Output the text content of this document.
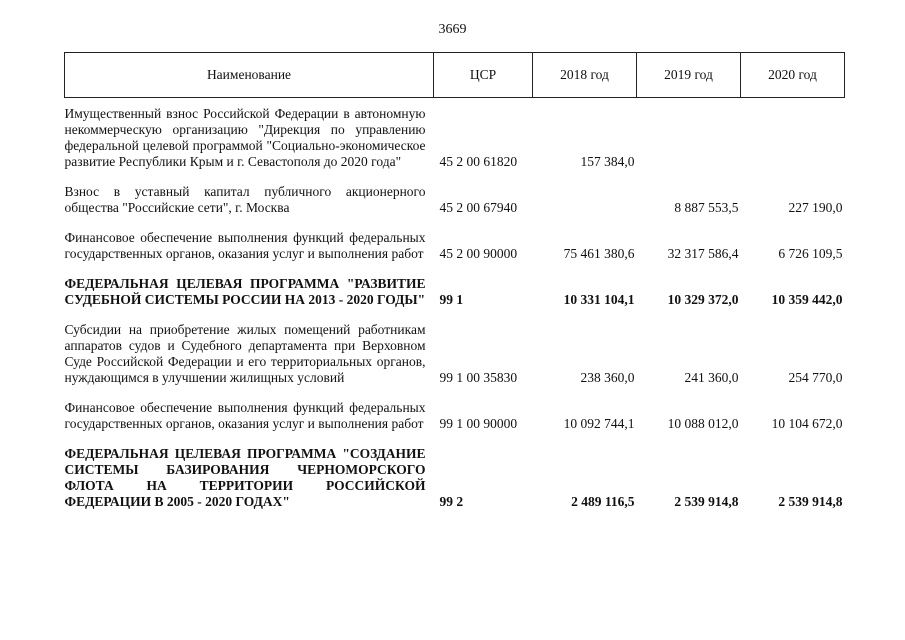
3669
Наименование	ЦСР	2018 год	2019 год	2020 год
Имущественный взнос Российской Федерации в автономную некоммерческую организацию "Дирекция по управлению федеральной целевой программой "Социально-экономическое развитие Республики Крым и г. Севастополя до 2020 года"	45 2 00 61820	157 384,0		
Взнос в уставный капитал публичного акционерного общества "Российские сети", г. Москва	45 2 00 67940		8 887 553,5	227 190,0
Финансовое обеспечение выполнения функций федеральных государственных органов, оказания услуг и выполнения работ	45 2 00 90000	75 461 380,6	32 317 586,4	6 726 109,5
ФЕДЕРАЛЬНАЯ ЦЕЛЕВАЯ ПРОГРАММА "РАЗВИТИЕ СУДЕБНОЙ СИСТЕМЫ РОССИИ НА 2013 - 2020 ГОДЫ"	99 1	10 331 104,1	10 329 372,0	10 359 442,0
Субсидии на приобретение жилых помещений работникам аппаратов судов и Судебного департамента при Верховном Суде Российской Федерации и его территориальных органов, нуждающимся в улучшении жилищных условий	99 1 00 35830	238 360,0	241 360,0	254 770,0
Финансовое обеспечение выполнения функций федеральных государственных органов, оказания услуг и выполнения работ	99 1 00 90000	10 092 744,1	10 088 012,0	10 104 672,0
ФЕДЕРАЛЬНАЯ ЦЕЛЕВАЯ ПРОГРАММА "СОЗДАНИЕ СИСТЕМЫ БАЗИРОВАНИЯ ЧЕРНОМОРСКОГО ФЛОТА НА ТЕРРИТОРИИ РОССИЙСКОЙ ФЕДЕРАЦИИ В 2005 - 2020 ГОДАХ"	99 2	2 489 116,5	2 539 914,8	2 539 914,8
